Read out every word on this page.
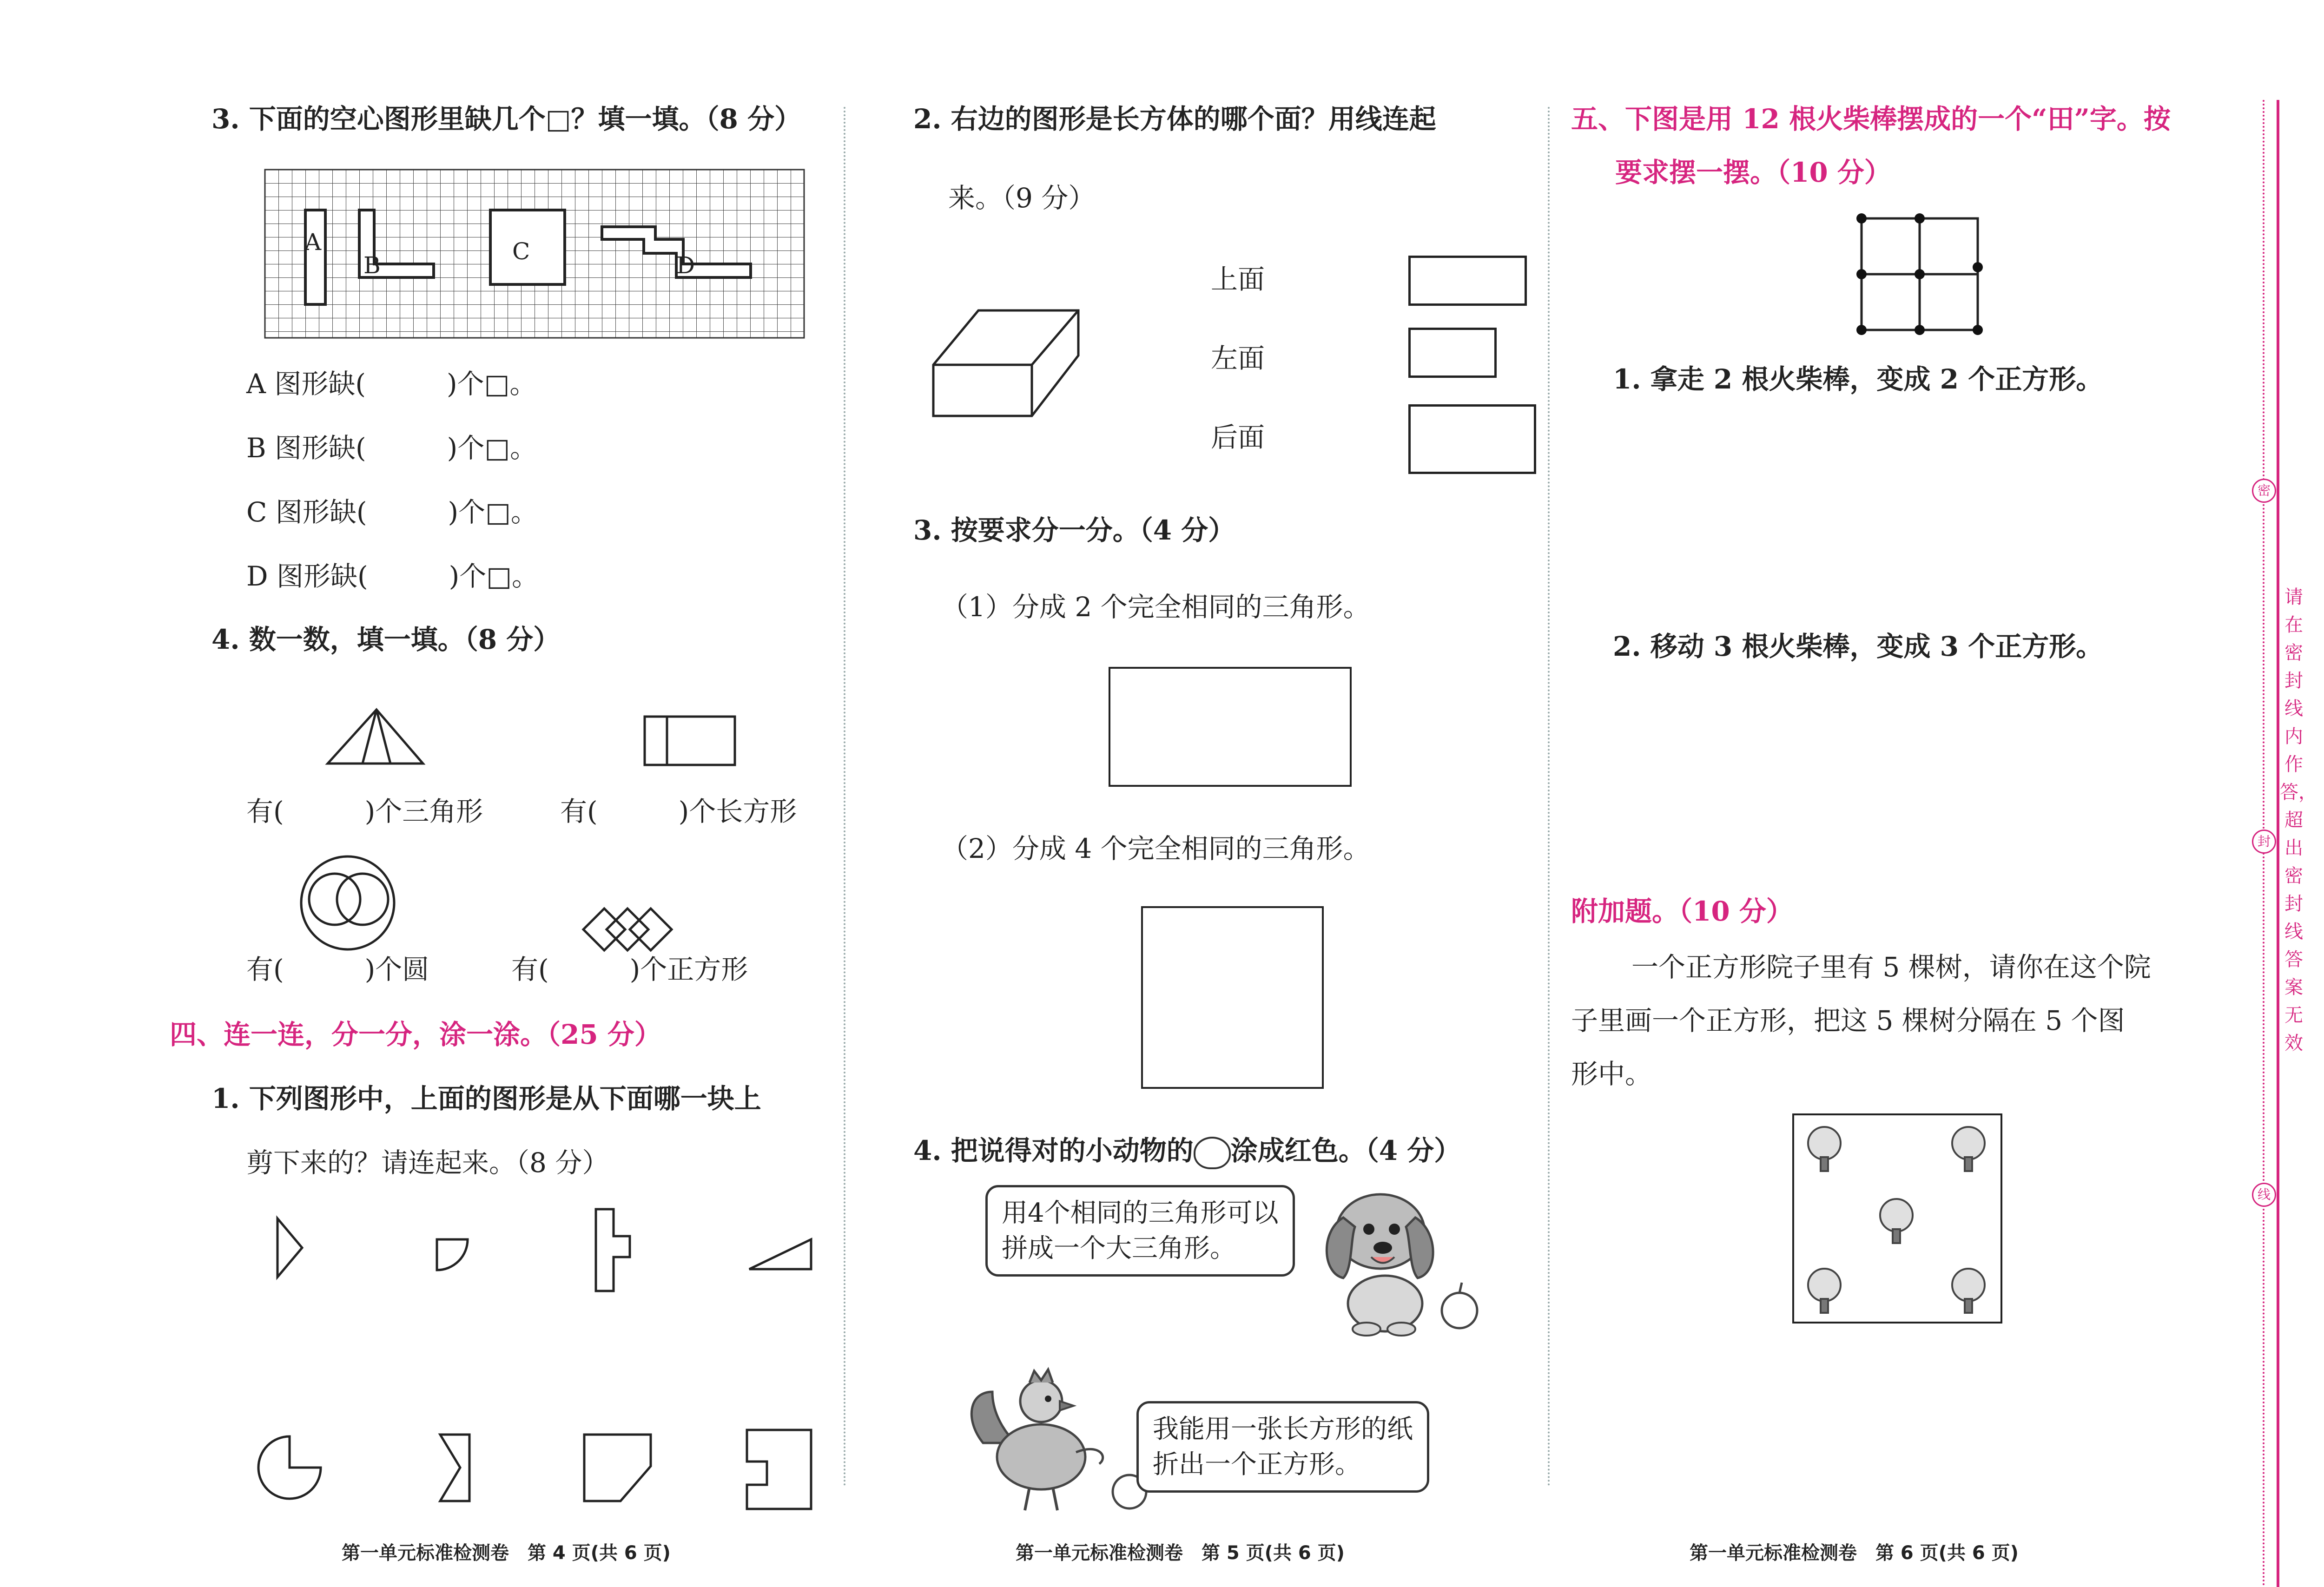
3. 下面的空心图形里缺几个□？填一填。（8 分）
A
B
C
D
A 图形缺(　　　)个□。
B 图形缺(　　　)个□。
C 图形缺(　　　)个□。
D 图形缺(　　　)个□。
4. 数一数，填一填。（8 分）
有(　　　)个三角形	有(　　　)个长方形
有(　　　)个圆	有(　　　)个正方形
四、连一连，分一分，涂一涂。（25 分）
1. 下列图形中，上面的图形是从下面哪一块上
剪下来的？请连起来。（8 分）
第一单元标准检测卷　第 4 页(共 6 页)
2. 右边的图形是长方体的哪个面？用线连起
来。（9 分）
上面
左面
后面
3. 按要求分一分。（4 分）
（1）分成 2 个完全相同的三角形。
（2）分成 4 个完全相同的三角形。
4. 把说得对的小动物的 涂成红色。（4 分）
用4个相同的三角形可以
拼成一个大三角形。
我能用一张长方形的纸
折出一个正方形。
第一单元标准检测卷　第 5 页(共 6 页)
五、下图是用 12 根火柴棒摆成的一个“田”字。按
要求摆一摆。（10 分）
1. 拿走 2 根火柴棒，变成 2 个正方形。
2. 移动 3 根火柴棒，变成 3 个正方形。
附加题。（10 分）
一个正方形院子里有 5 棵树，请你在这个院
子里画一个正方形，把这 5 棵树分隔在 5 个图
形中。
第一单元标准检测卷　第 6 页(共 6 页)
密
封
线
请在密封线内作答，超出密封线答案无效
